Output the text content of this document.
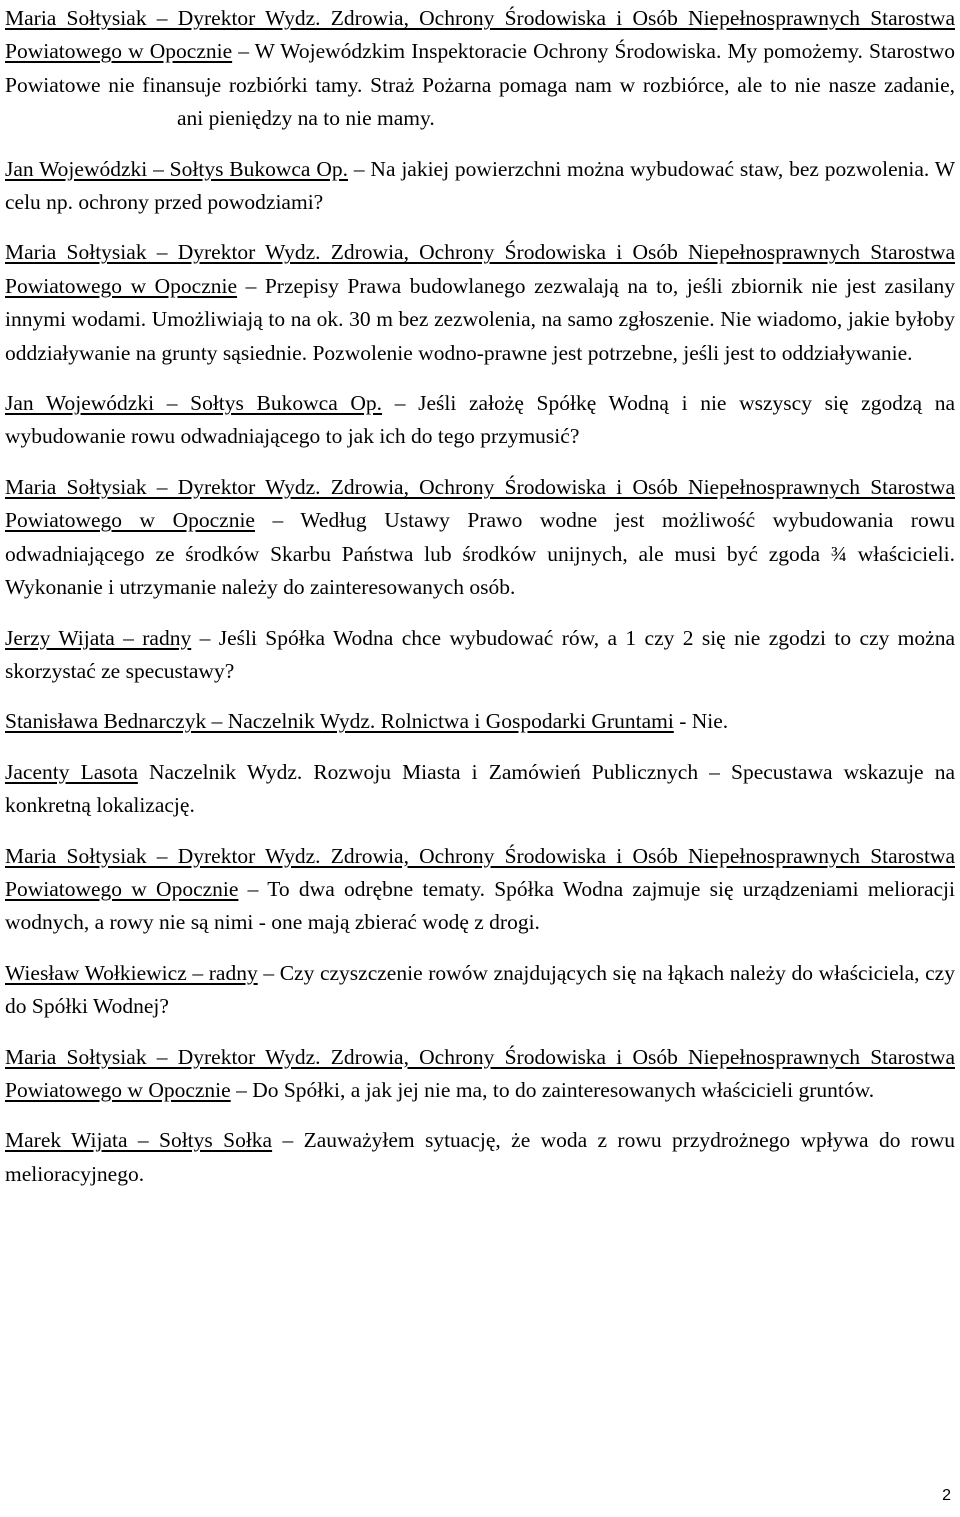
Maria Sołtysiak – Dyrektor Wydz. Zdrowia, Ochrony Środowiska i Osób Niepełnosprawnych Starostwa Powiatowego w Opocznie – W Wojewódzkim Inspektoracie Ochrony Środowiska. My pomożemy. Starostwo Powiatowe nie finansuje rozbiórki tamy. Straż Pożarna pomaga nam w rozbiórce, ale to nie nasze zadanie,ani pieniędzy na to nie mamy.

Jan Wojewódzki – Sołtys Bukowca Op. – Na jakiej powierzchni można wybudować staw, bez pozwolenia. W celu np. ochrony przed powodziami?

Maria Sołtysiak – Dyrektor Wydz. Zdrowia, Ochrony Środowiska i Osób Niepełnosprawnych Starostwa Powiatowego w Opocznie – Przepisy Prawa budowlanego zezwalają na to, jeśli zbiornik nie jest zasilany innymi wodami. Umożliwiają to na ok. 30 m bez zezwolenia, na samo zgłoszenie. Nie wiadomo, jakie byłoby oddziaływanie na grunty sąsiednie. Pozwolenie wodno-prawne jest potrzebne, jeśli jest to oddziaływanie.

Jan Wojewódzki – Sołtys Bukowca Op. – Jeśli założę Spółkę Wodną i nie wszyscy się zgodzą na wybudowanie rowu odwadniającego to jak ich do tego przymusić?

Maria Sołtysiak – Dyrektor Wydz. Zdrowia, Ochrony Środowiska i Osób Niepełnosprawnych Starostwa Powiatowego w Opocznie – Według Ustawy Prawo wodne jest możliwość wybudowania rowu odwadniającego ze środków Skarbu Państwa lub środków unijnych, ale musi być zgoda ¾ właścicieli. Wykonanie i utrzymanie należy do zainteresowanych osób.

Jerzy Wijata – radny – Jeśli Spółka Wodna chce wybudować rów, a 1 czy 2 się nie zgodzi to czy można skorzystać ze specustawy?

Stanisława Bednarczyk – Naczelnik Wydz. Rolnictwa i Gospodarki Gruntami - Nie.

Jacenty Lasota Naczelnik Wydz. Rozwoju Miasta i Zamówień Publicznych – Specustawa wskazuje na konkretną lokalizację.

Maria Sołtysiak – Dyrektor Wydz. Zdrowia, Ochrony Środowiska i Osób Niepełnosprawnych Starostwa Powiatowego w Opocznie – To dwa odrębne tematy. Spółka Wodna zajmuje się urządzeniami melioracji wodnych, a rowy nie są nimi - one mają zbierać wodę z drogi.

Wiesław Wołkiewicz – radny – Czy czyszczenie rowów znajdujących się na łąkach należy do właściciela, czy do Spółki Wodnej?

Maria Sołtysiak – Dyrektor Wydz. Zdrowia, Ochrony Środowiska i Osób Niepełnosprawnych Starostwa Powiatowego w Opocznie – Do Spółki, a jak jej nie ma, to do zainteresowanych właścicieli gruntów.

Marek Wijata – Sołtys Sołka – Zauważyłem sytuację, że woda z rowu przydrożnego wpływa do rowu melioracyjnego.

2
